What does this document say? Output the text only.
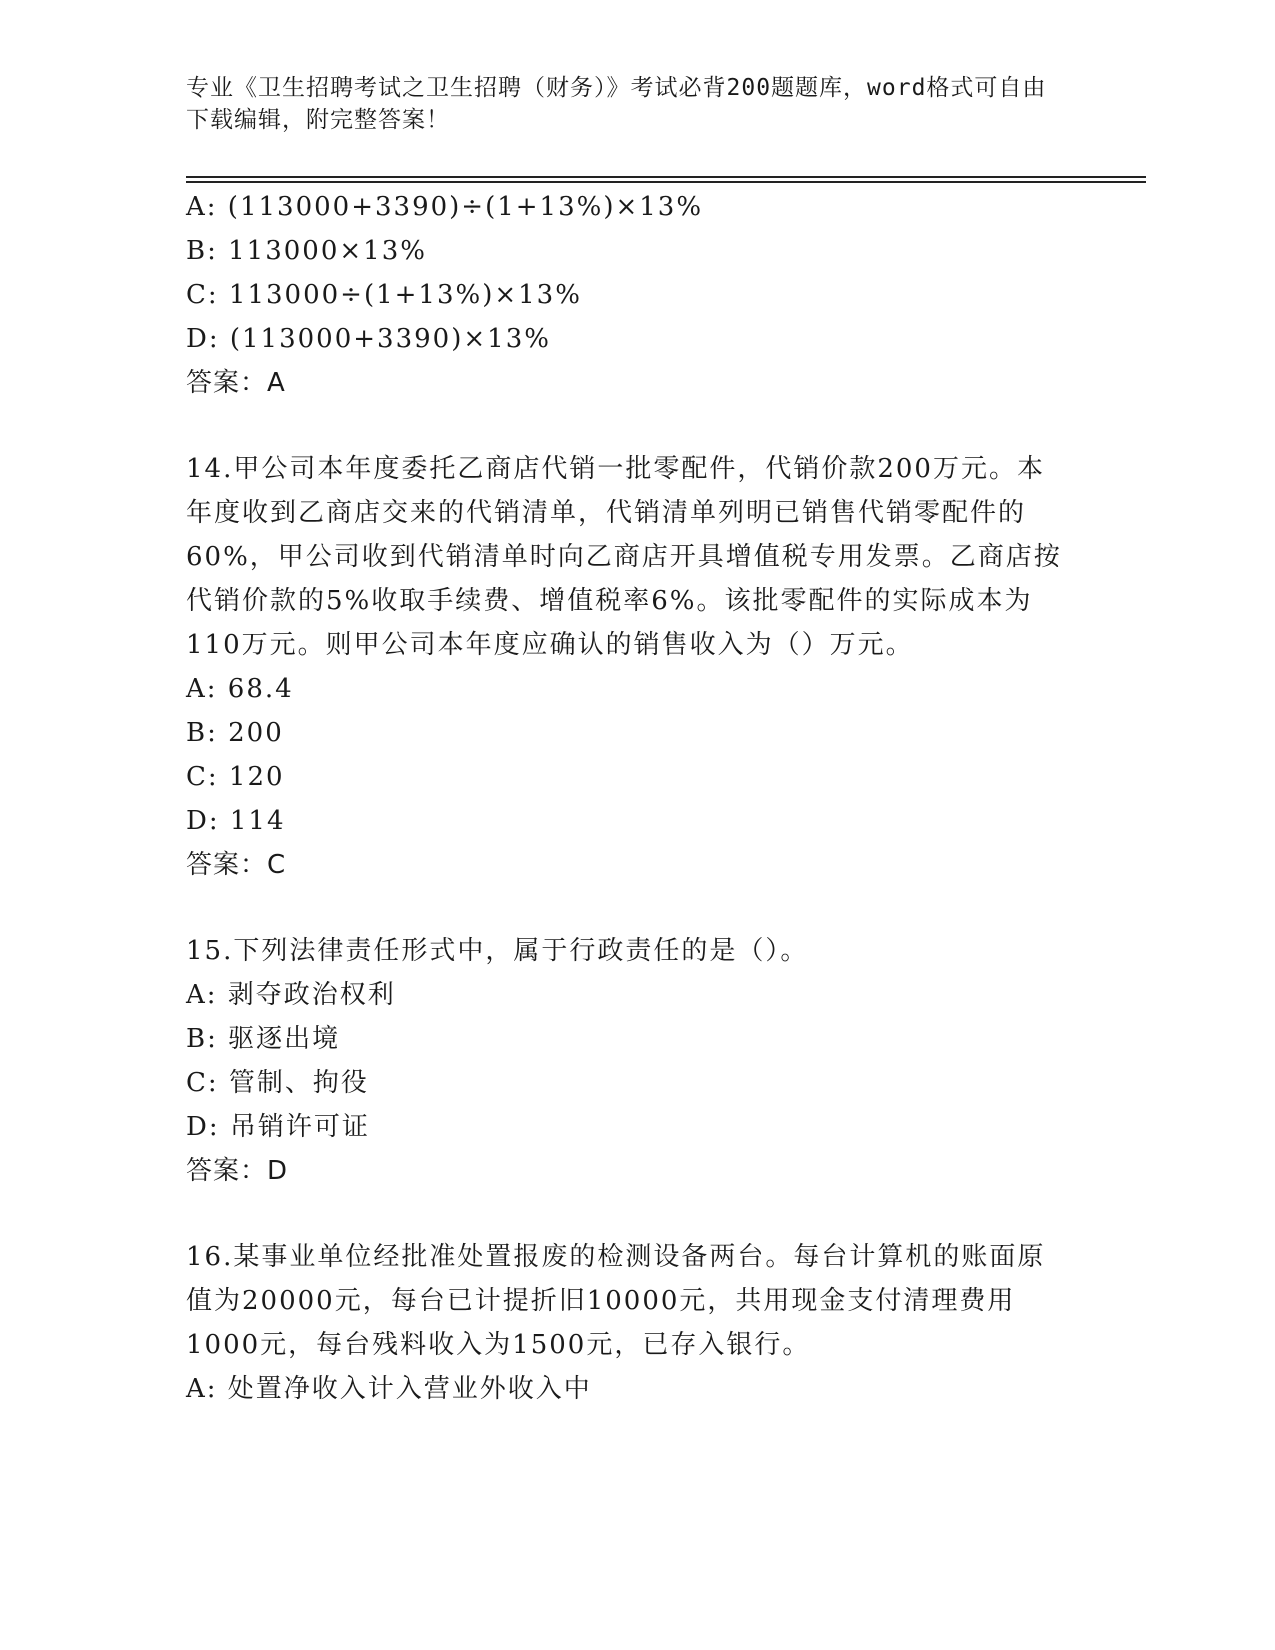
专业《卫生招聘考试之卫生招聘（财务）》考试必背200题题库，word格式可自由下载编辑，附完整答案！

A: (113000+3390)÷(1+13%)×13%

B: 113000×13%

C: 113000÷(1+13%)×13%

D: (113000+3390)×13%

答案：A

14.甲公司本年度委托乙商店代销一批零配件，代销价款200万元。本

年度收到乙商店交来的代销清单，代销清单列明已销售代销零配件的

60%，甲公司收到代销清单时向乙商店开具增值税专用发票。乙商店按

代销价款的5%收取手续费、增值税率6%。该批零配件的实际成本为

110万元。则甲公司本年度应确认的销售收入为（）万元。

A: 68.4

B: 200

C: 120

D: 114

答案：C

15.下列法律责任形式中，属于行政责任的是（）。

A: 剥夺政治权利

B: 驱逐出境

C: 管制、拘役

D: 吊销许可证

答案：D

16.某事业单位经批准处置报废的检测设备两台。每台计算机的账面原

值为20000元，每台已计提折旧10000元，共用现金支付清理费用

1000元，每台残料收入为1500元，已存入银行。

A: 处置净收入计入营业外收入中
